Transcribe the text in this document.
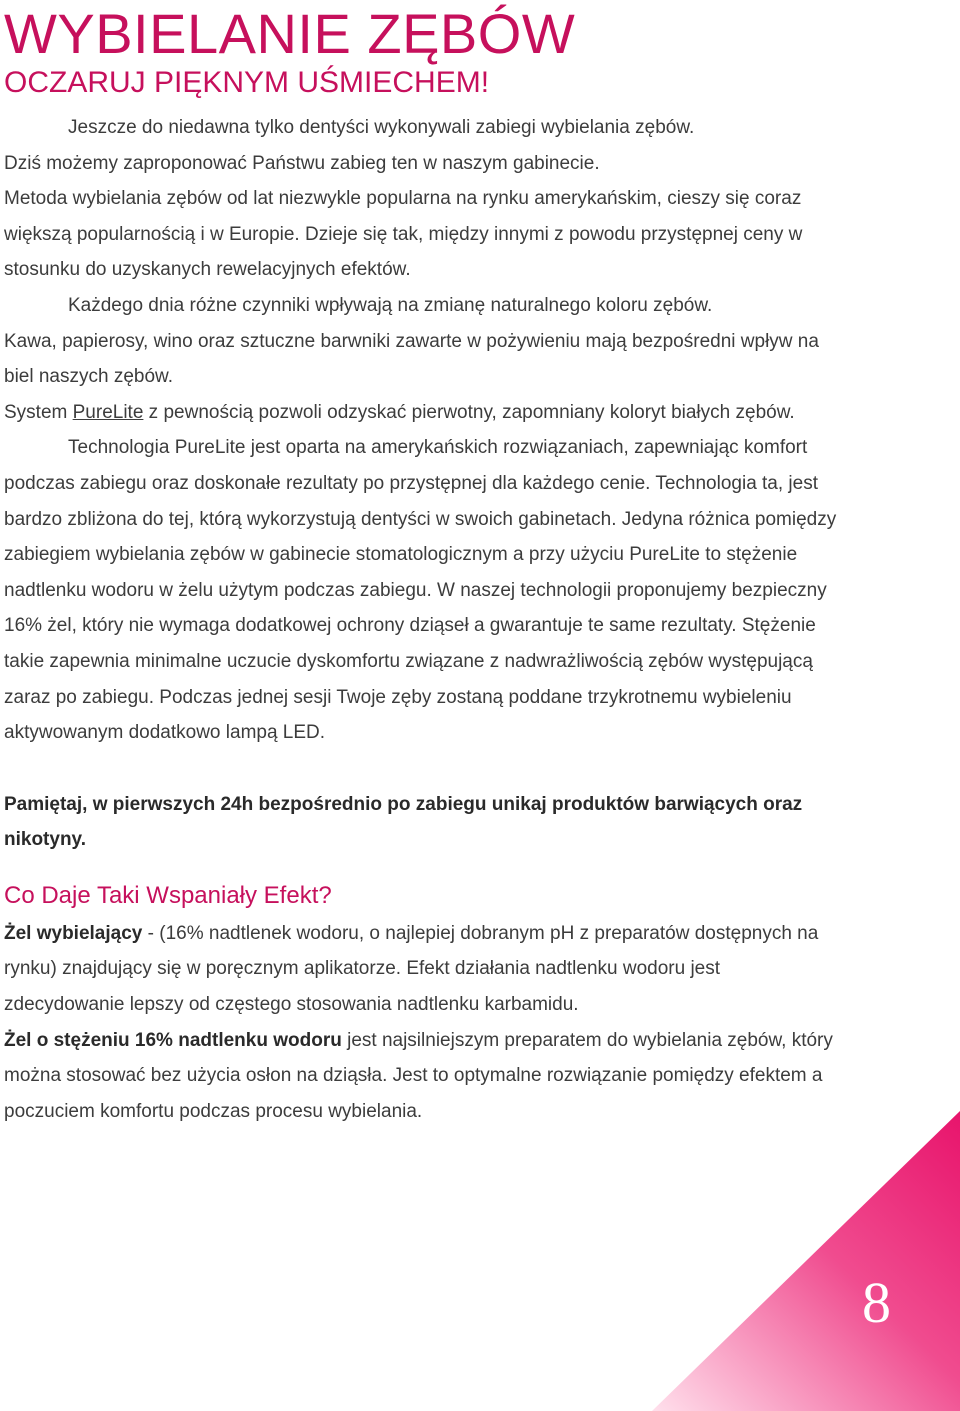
WYBIELANIE ZĘBÓW
OCZARUJ PIĘKNYM UŚMIECHEM!

Jeszcze do niedawna tylko dentyści wykonywali zabiegi wybielania zębów.

Dziś możemy zaproponować Państwu zabieg ten w naszym gabinecie.

Metoda wybielania zębów od lat niezwykle popularna na rynku amerykańskim, cieszy się coraz większą popularnością i w Europie. Dzieje się tak, między innymi z powodu przystępnej ceny w stosunku do uzyskanych rewelacyjnych efektów.

Każdego dnia różne czynniki wpływają na zmianę naturalnego koloru zębów.

Kawa, papierosy, wino oraz sztuczne barwniki zawarte w pożywieniu mają bezpośredni wpływ na biel naszych zębów.

System PureLite z pewnością pozwoli odzyskać pierwotny, zapomniany koloryt białych zębów.

Technologia PureLite jest oparta na amerykańskich rozwiązaniach, zapewniając komfort podczas zabiegu oraz doskonałe rezultaty po przystępnej dla każdego cenie. Technologia ta, jest bardzo zbliżona do tej, którą wykorzystują dentyści w swoich gabinetach. Jedyna różnica pomiędzy zabiegiem wybielania zębów w gabinecie stomatologicznym a przy użyciu PureLite to stężenie nadtlenku wodoru w żelu użytym podczas zabiegu. W naszej technologii proponujemy bezpieczny 16% żel, który nie wymaga dodatkowej ochrony dziąseł a gwarantuje te same rezultaty. Stężenie takie zapewnia minimalne uczucie dyskomfortu związane z nadwrażliwością zębów występującą zaraz po zabiegu. Podczas jednej sesji Twoje zęby zostaną poddane trzykrotnemu wybieleniu aktywowanym dodatkowo lampą LED.

Pamiętaj, w pierwszych 24h bezpośrednio po zabiegu unikaj produktów barwiących oraz nikotyny.

Co Daje Taki Wspaniały Efekt?

Żel wybielający - (16% nadtlenek wodoru, o najlepiej dobranym pH z preparatów dostępnych na rynku) znajdujący się w poręcznym aplikatorze. Efekt działania nadtlenku wodoru jest zdecydowanie lepszy od częstego stosowania nadtlenku karbamidu.

Żel o stężeniu 16% nadtlenku wodoru jest najsilniejszym preparatem do wybielania zębów, który można stosować bez użycia osłon na dziąsła. Jest to optymalne rozwiązanie pomiędzy efektem a poczuciem komfortu podczas procesu wybielania.

8
